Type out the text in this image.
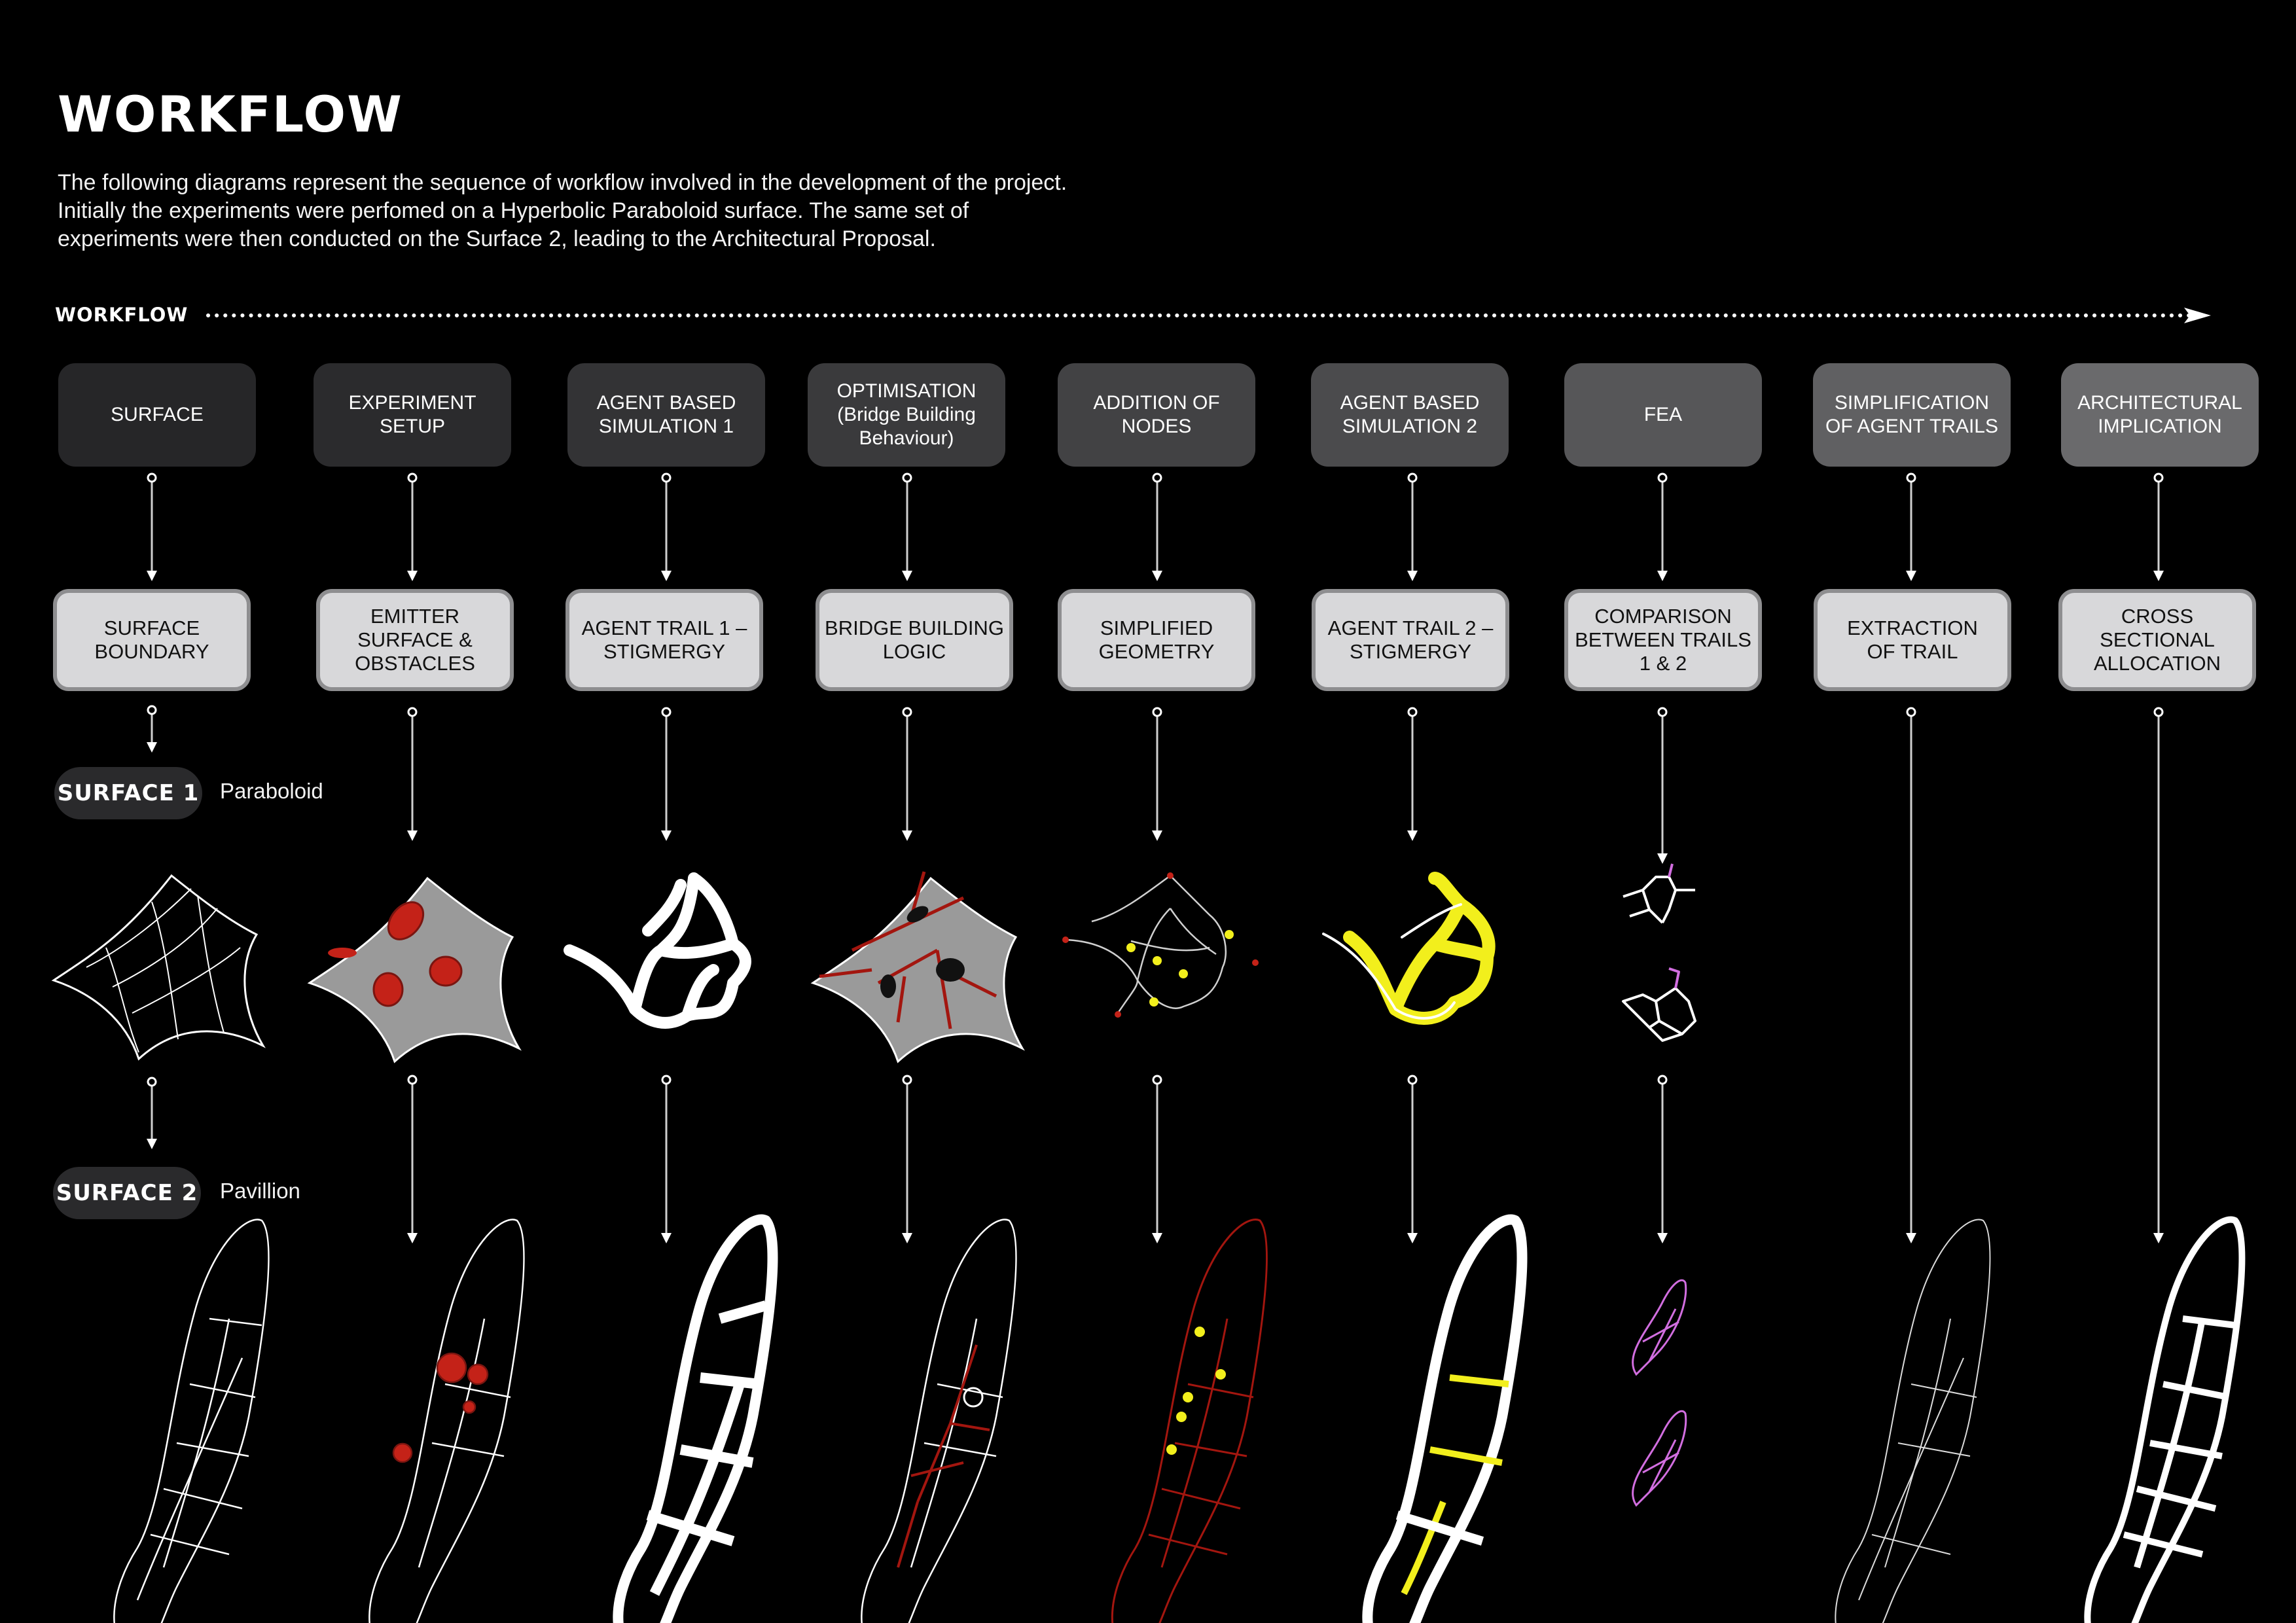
WORKFLOW

The following diagrams represent the sequence of workflow involved in the development of the project. Initially the experiments were perfomed on a Hyperbolic Paraboloid surface. The same set of experiments were then conducted on the Surface 2, leading to the Architectural Proposal.

WORKFLOW
SURFACE
EXPERIMENT
SETUP
AGENT BASED
SIMULATION 1
OPTIMISATION
(Bridge Building
Behaviour)
ADDITION OF
NODES
AGENT BASED
SIMULATION 2
FEA
SIMPLIFICATION
OF AGENT TRAILS
ARCHITECTURAL
IMPLICATION
SURFACE
BOUNDARY
EMITTER
SURFACE &
OBSTACLES
AGENT TRAIL 1 –
STIGMERGY
BRIDGE BUILDING
LOGIC
SIMPLIFIED
GEOMETRY
AGENT TRAIL 2 –
STIGMERGY
COMPARISON
BETWEEN TRAILS
1 & 2
EXTRACTION
OF TRAIL
CROSS
SECTIONAL
ALLOCATION
SURFACE 1 Paraboloid
SURFACE 2 Pavillion
